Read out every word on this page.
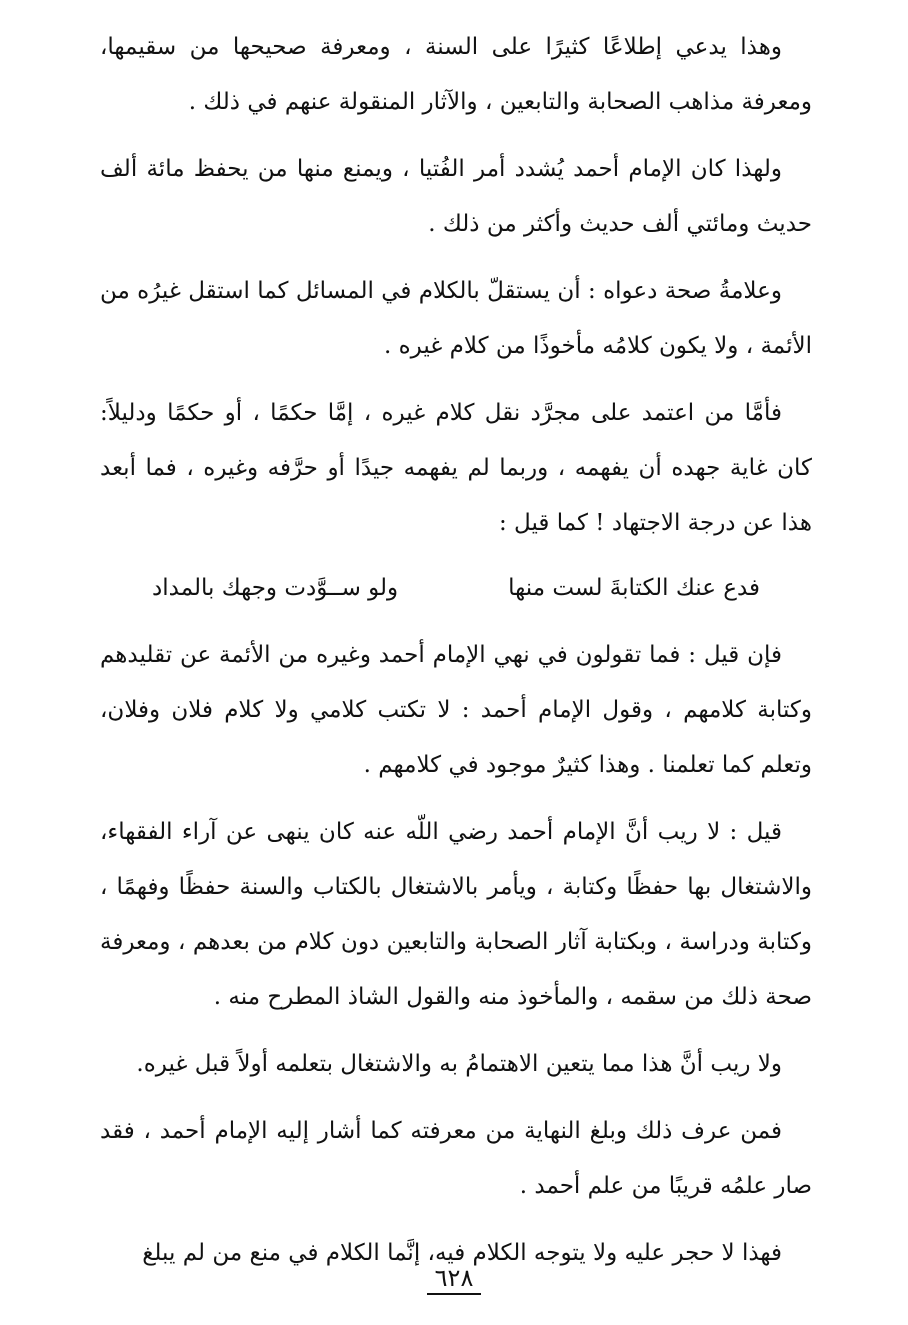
وهذا يدعي إطلاعًا كثيرًا على السنة ، ومعرفة صحيحها من سقيمها، ومعرفة مذاهب الصحابة والتابعين ، والآثار المنقولة عنهم في ذلك .

ولهذا كان الإمام أحمد يُشدد أمر الفُتيا ، ويمنع منها من يحفظ مائة ألف حديث ومائتي ألف حديث وأكثر من ذلك .

وعلامةُ صحة دعواه : أن يستقلّ بالكلام في المسائل كما استقل غيرُه من الأئمة ، ولا يكون كلامُه مأخوذًا من كلام غيره .

فأمَّا من اعتمد على مجرَّد نقل كلام غيره ، إمَّا حكمًا ، أو حكمًا ودليلاً: كان غاية جهده أن يفهمه ، وربما لم يفهمه جيدًا أو حرَّفه وغيره ، فما أبعد هذا عن درجة الاجتهاد ! كما قيل :

فدع عنك الكتابةَ لست منها
ولو ســوَّدت وجهك بالمداد

فإن قيل : فما تقولون في نهي الإمام أحمد وغيره من الأئمة عن تقليدهم وكتابة كلامهم ، وقول الإمام أحمد : لا تكتب كلامي ولا كلام فلان وفلان، وتعلم كما تعلمنا . وهذا كثيرٌ موجود في كلامهم .

قيل : لا ريب أنَّ الإمام أحمد رضي اللّه عنه كان ينهى عن آراء الفقهاء، والاشتغال بها حفظًا وكتابة ، ويأمر بالاشتغال بالكتاب والسنة حفظًا وفهمًا ، وكتابة ودراسة ، وبكتابة آثار الصحابة والتابعين دون كلام من بعدهم ، ومعرفة صحة ذلك من سقمه ، والمأخوذ منه والقول الشاذ المطرح منه .

ولا ريب أنَّ هذا مما يتعين الاهتمامُ به والاشتغال بتعلمه أولاً قبل غيره.

فمن عرف ذلك وبلغ النهاية من معرفته كما أشار إليه الإمام أحمد ، فقد صار علمُه قريبًا من علم أحمد .

فهذا لا حجر عليه ولا يتوجه الكلام فيه، إنَّما الكلام في منع من لم يبلغ

٦٢٨
